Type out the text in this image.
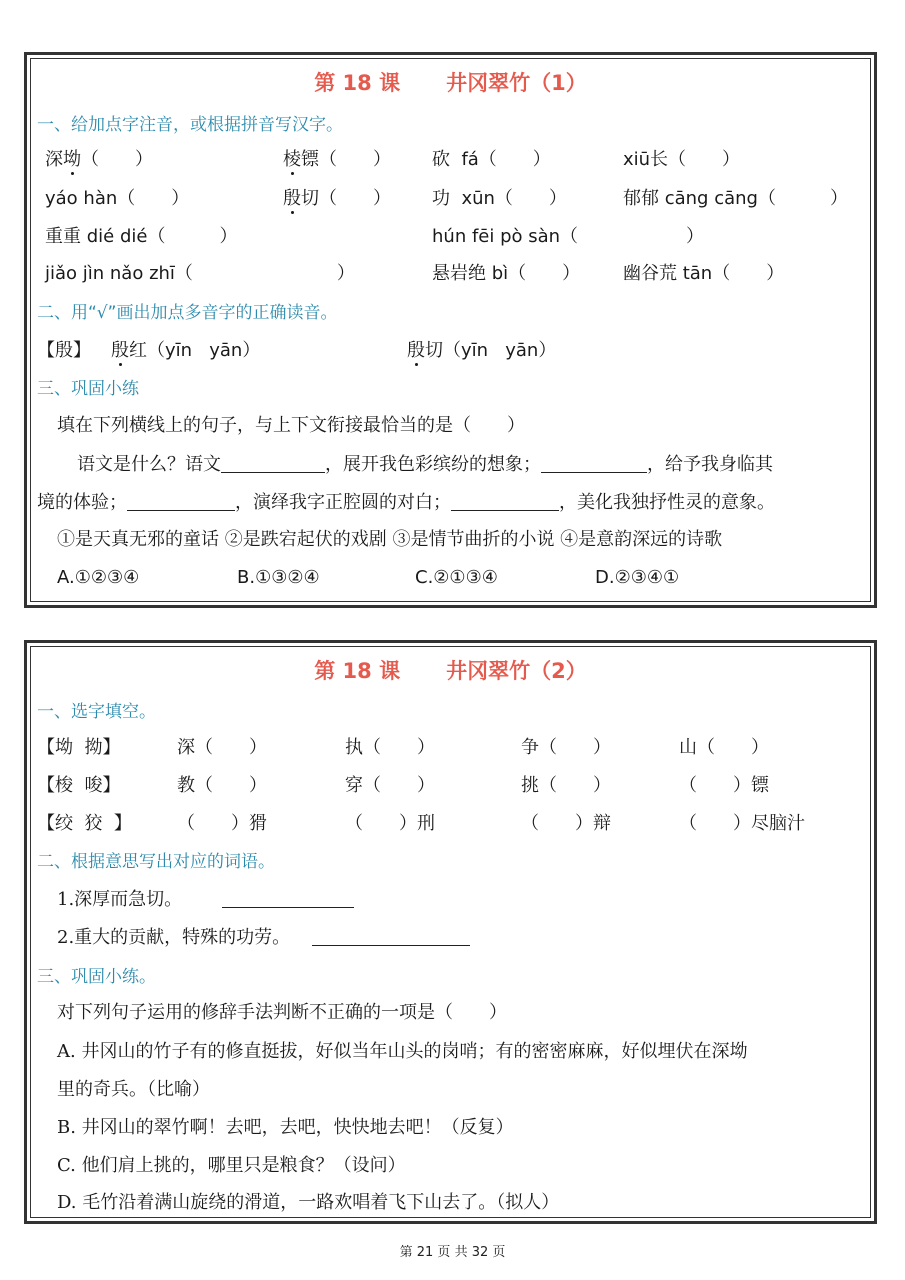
第 18 课 井冈翠竹（1）
一、给加点字注音，或根据拼音写汉字。
深坳（　　）	棱镖（　　） 砍  fá（　　）	xiū长（　　）
yáo hàn（　　）	殷切（　　） 功  xūn（　　）	郁郁 cāng cāng（　　　）
重重 dié dié（　　　）	hún fēi pò sàn（　　　　　　）
jiǎo jìn nǎo zhī（　　　　　　　　）	悬岩绝 bì（　　） 幽谷荒 tān（　　）
二、用“√”画出加点多音字的正确读音。
【殷】 殷红（yīn   yān）	殷切（yīn   yān）
三、巩固小练
填在下列横线上的句子，与上下文衔接最恰当的是（　　）
语文是什么？语文	，展开我色彩缤纷的想象；	，给予我身临其
境的体验；	，演绎我字正腔圆的对白；	，美化我独抒性灵的意象。
①是天真无邪的童话 ②是跌宕起伏的戏剧 ③是情节曲折的小说 ④是意韵深远的诗歌
A.①②③④	B.①③②④	C.②①③④	D.②③④①
第 18 课 井冈翠竹（2）
一、选字填空。
【坳  拗】	深（　　）	执（　　）	争（　　）	山（　　）
【梭  唆】	教（　　）	穿（　　）	挑（　　）	（　　）镖
【绞  狡  】	（　　）猾	（　　）刑	（　　）辩	（　　）尽脑汁
二、根据意思写出对应的词语。
1.深厚而急切。
2.重大的贡献，特殊的功劳。
三、巩固小练。
对下列句子运用的修辞手法判断不正确的一项是（　　）
A. 井冈山的竹子有的修直挺拔，好似当年山头的岗哨；有的密密麻麻，好似埋伏在深坳
里的奇兵。（比喻）
B. 井冈山的翠竹啊！去吧，去吧，快快地去吧！（反复）
C. 他们肩上挑的，哪里只是粮食？（设问）
D. 毛竹沿着满山旋绕的滑道，一路欢唱着飞下山去了。（拟人）
第 21 页 共 32 页
